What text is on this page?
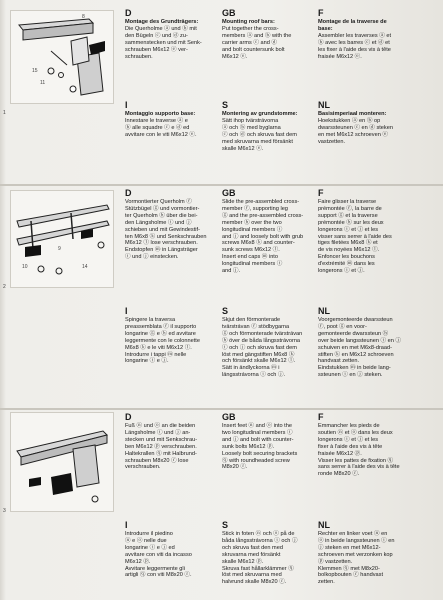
1
15
11
8	D
Montage des Grundträgers:
Die Querholme ⓐ und ⓑ mit
den Bügeln ⓒ und ⓓ zu-
sammenstecken und mit Senk-
schrauben M6x12 ⓔ ver-
schrauben.
GB
Mounting roof bars:
Put together the cross-
members ⓐ and ⓑ with the
carrier arms ⓒ and ⓓ
and bolt countersunk bolt
M6x12 ⓔ.
F
Montage de la traverse de
base:
Assembler les traverses ⓐ et
ⓑ avec les barres ⓒ et ⓓ et
les fixer à l'aide des vis à tête
fraisée M6x12 ⓔ.
I
Montaggio supporto base:
Innestare le traverse ⓐ e
ⓑ alle squadre ⓒ e ⓓ ed
avvitare con le viti M6x12 ⓔ.
S
Montering av grundstomme:
Sätt ihop tvärstrávorna
ⓐ och ⓑ med byglarna
ⓒ och ⓓ och skruva fast dem
med skruvarna med försänkt
skalle M6x12 ⓔ.
NL
Basisimperiaal monteren:
Hoekstukken ⓐ en ⓑ op
dwarssteunen ⓒ en ⓓ steken
en met M6x12 schroeven ⓔ
vastzetten.
2
10
9
14
D
Vormontierter Querholm ⓕ
Stützbügel ⓖ und vormontier-
ter Querholm ⓗ über die bei-
den Längsholme ⓘ und ⓙ
schieben und mit Gewindestif-
ten M6x8 ⓚ und Senkschrauben
M6x12 ⓛ lose verschrauben.
Endstopfen ⓜ in Längsträger
ⓘ und ⓙ einstecken.
GB
Slide the pre-assembled cross-
member ⓕ, supporting leg
ⓖ and the pre-assembled cross-
member ⓗ over the two
longitudinal members ⓘ
and ⓙ and loosely bolt with grub
screws M6x8 ⓚ and counter-
sunk screws M6x12 ⓛ.
Insert end caps ⓜ into
longitudinal members ⓘ
and ⓙ.
F
Faire glisser la traverse
prémontée ⓕ, la barre de
support ⓖ et la traverse
prémontée ⓗ sur les deux
longerons ⓘ et ⓙ et les
visser sans serrer à l'aide des
tiges filetées M6x8 ⓚ et
de vis noyées M6x12 ⓛ.
Enfoncer les bouchons
d'extrémité ⓜ dans les
longerons ⓘ et ⓙ.
I
Spingere la traversa
preassemblata ⓕ il supporto
longarine ⓖ e ⓗ ed avvitare
leggermente con le colonnette
M6x8 ⓚ e le viti M6x12 ⓛ.
Introdurre i tappi ⓜ nelle
longarine ⓘ e ⓙ.
S
Skjut den förmonterade
tvärstrávan ⓕ stödbygarna
ⓖ och förmonterade tvärstrávan
ⓗ över de båda långsstrávorna
ⓘ och ⓙ och skruva fast dem
löst med gängstiften M6x8 ⓚ
och försänkt skalle M6x12 ⓛ.
Sätt in ändlyckorna ⓜ i
längsstrávorna ⓘ och ⓙ.
NL
Voorgemonteerde dwarssteun
ⓕ, poot ⓖ en voor-
gemonteerde dwarssteun ⓗ
over beide langssteunen ⓘ en ⓙ
schuiven en met M6x8-draad-
stiften ⓚ en M6x12 schroeven
handvast zetten.
Eindstukken ⓜ in beide lang-
ssteunen ⓘ en ⓙ steken.
3
D
Fuß ⓝ und ⓞ an die beiden
Längsholme ⓘ und ⓙ an-
stecken und mit Senkschrau-
ben M6x12 ⓟ verschrauben.
Haltekrallen ⓠ mit Halbrund-
schrauben M8x20 ⓡ lose
verschrauben.
GB
Insert feet ⓝ and ⓞ into the
two longitudinal members ⓘ
and ⓙ and bolt with counter-
sunk bolts M6x12 ⓟ.
Loosely bolt securing brackets
ⓠ with roundheaded screw
M8x20 ⓡ.
F
Emmancher les pieds de
soutien ⓝ et ⓞ dans les deux
longerons ⓘ et ⓙ et les
fixer à l'aide des vis à tête
fraisée M6x12 ⓟ.
Visser les pattes de fixation ⓠ
sans serrer à l'aide des vis à tête
ronde M8x20 ⓡ.
I
Introdurre il piedino
ⓝ e ⓞ nelle due
longarine ⓘ e ⓙ ed
avvitare con viti da incasso
M6x12 ⓟ.
Avvitare leggermente gli
artigli ⓠ con viti M8x20 ⓡ.
S
Stick in foten ⓝ och ⓞ på de
båda långsstrávorna ⓘ och ⓙ
och skruva fast den med
skruvarna med försänkt
skalle M6x12 ⓟ.
Skruva fast hållarklämmer ⓠ
löst med skruvarna med
halvrund skalle M8x20 ⓡ.
NL
Rechter en linker voet ⓝ en
ⓞ in beide langssteunen ⓘ en
ⓙ steken en met M6x12-
schroeven met verzonken kop
ⓟ vastzetten.
Klemmen ⓠ met M8x20-
bolkopbouten ⓡ handvast
zetten.
